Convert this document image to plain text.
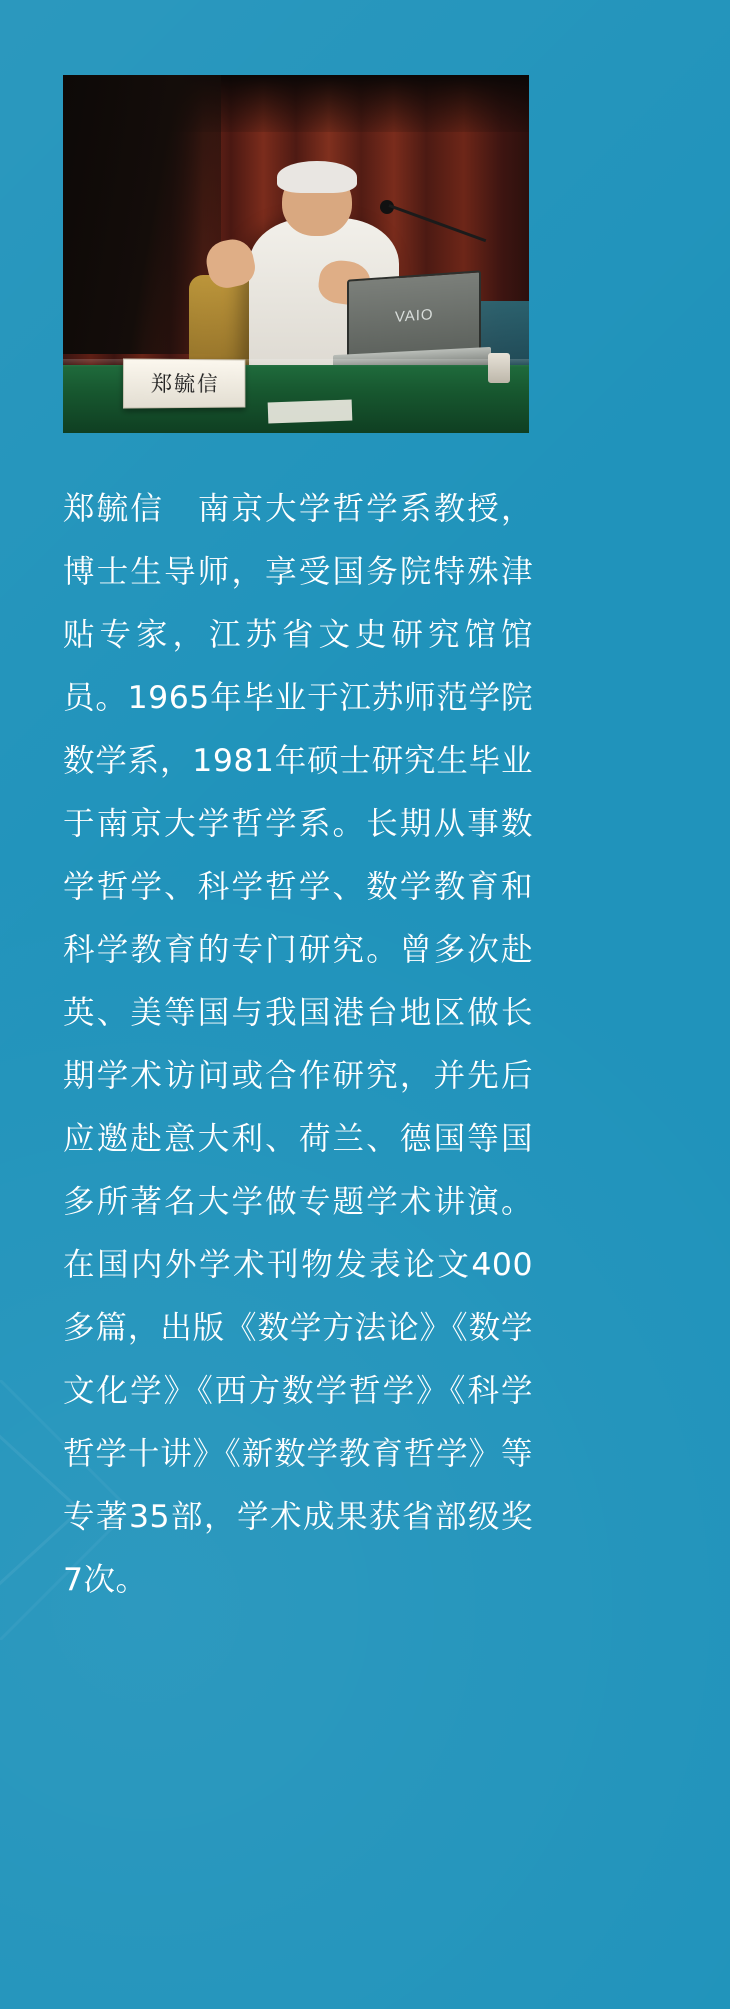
VAIO
郑毓信
郑毓信　南京大学哲学系教授，博士生导师，享受国务院特殊津贴专家，江苏省文史研究馆馆员。1965年毕业于江苏师范学院数学系，1981年硕士研究生毕业于南京大学哲学系。长期从事数学哲学、科学哲学、数学教育和科学教育的专门研究。曾多次赴英、美等国与我国港台地区做长期学术访问或合作研究，并先后应邀赴意大利、荷兰、德国等国多所著名大学做专题学术讲演。在国内外学术刊物发表论文400多篇，出版《数学方法论》《数学文化学》《西方数学哲学》《科学哲学十讲》《新数学教育哲学》等专著35部，学术成果获省部级奖7次。
